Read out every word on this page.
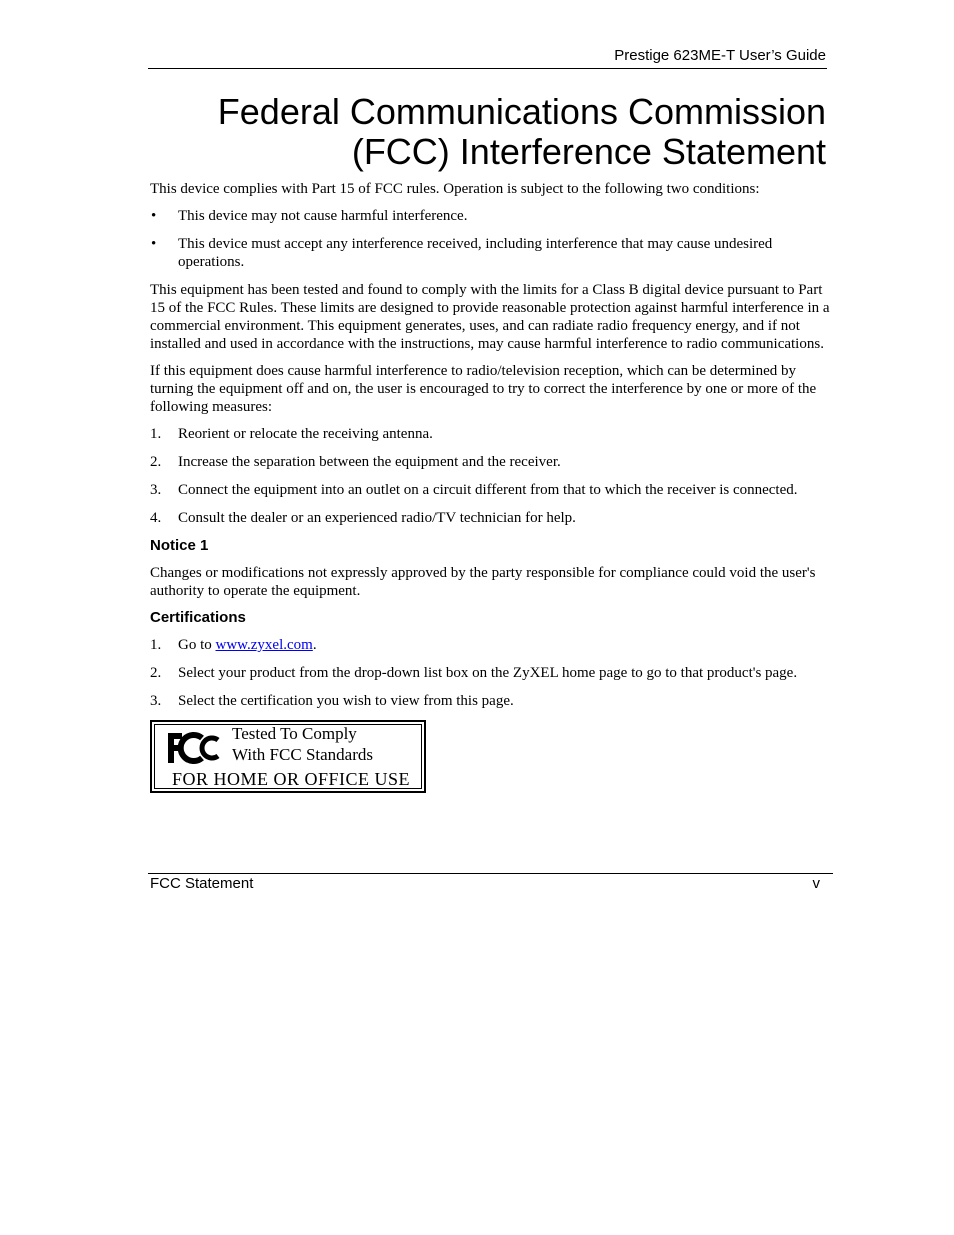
Prestige 623ME-T User’s Guide
Federal Communications Commission
(FCC) Interference Statement

This device complies with Part 15 of FCC rules. Operation is subject to the following two conditions:

• This device may not cause harmful interference.
• This device must accept any interference received, including interference that may cause undesired operations.

This equipment has been tested and found to comply with the limits for a Class B digital device pursuant to Part 15 of the FCC Rules. These limits are designed to provide reasonable protection against harmful interference in a commercial environment. This equipment generates, uses, and can radiate radio frequency energy, and if not installed and used in accordance with the instructions, may cause harmful interference to radio communications.

If this equipment does cause harmful interference to radio/television reception, which can be determined by turning the equipment off and on, the user is encouraged to try to correct the interference by one or more of the following measures:

1. Reorient or relocate the receiving antenna.
2. Increase the separation between the equipment and the receiver.
3. Connect the equipment into an outlet on a circuit different from that to which the receiver is connected.
4. Consult the dealer or an experienced radio/TV technician for help.
Notice 1

Changes or modifications not expressly approved by the party responsible for compliance could void the user's authority to operate the equipment.

Certifications
1. Go to www.zyxel.com.
2. Select your product from the drop-down list box on the ZyXEL home page to go to that product's page.
3. Select the certification you wish to view from this page.
Tested To Comply
With FCC Standards
FOR HOME OR OFFICE USE
FCC Statement	v
